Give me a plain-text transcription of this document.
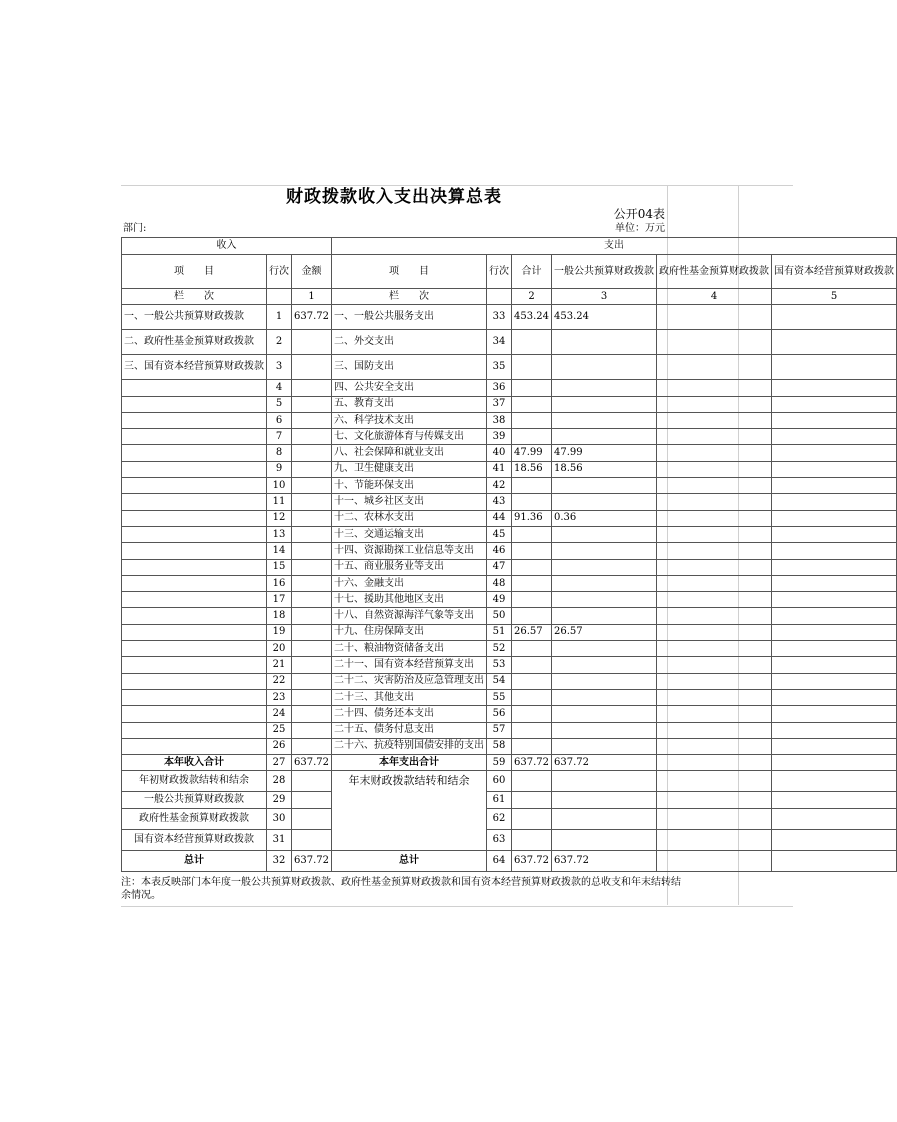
财政拨款收入支出决算总表
公开04表
部门:	单位：万元
收入			支出					
项　　目	行次	金额	项　　目	行次	合计	一般公共预算财政拨款	政府性基金预算财政拨款	国有资本经营预算财政拨款
栏　　次		1	栏　　次		2	3	4	5
一、一般公共预算财政拨款	1	637.72	一、一般公共服务支出	33	453.24	453.24		
二、政府性基金预算财政拨款	2		二、外交支出	34				
三、国有资本经营预算财政拨款	3		三、国防支出	35				
	4		四、公共安全支出	36				
	5		五、教育支出	37				
	6		六、科学技术支出	38				
	7		七、文化旅游体育与传媒支出	39				
	8		八、社会保障和就业支出	40	47.99	47.99		
	9		九、卫生健康支出	41	18.56	18.56		
	10		十、节能环保支出	42				
	11		十一、城乡社区支出	43				
	12		十二、农林水支出	44	91.36	0.36		
	13		十三、交通运输支出	45				
	14		十四、资源勘探工业信息等支出	46				
	15		十五、商业服务业等支出	47				
	16		十六、金融支出	48				
	17		十七、援助其他地区支出	49				
	18		十八、自然资源海洋气象等支出	50				
	19		十九、住房保障支出	51	26.57	26.57		
	20		二十、粮油物资储备支出	52				
	21		二十一、国有资本经营预算支出	53				
	22		二十二、灾害防治及应急管理支出	54				
	23		二十三、其他支出	55				
	24		二十四、债务还本支出	56				
	25		二十五、债务付息支出	57				
	26		二十六、抗疫特别国债安排的支出	58				
本年收入合计	27	637.72	本年支出合计	59	637.72	637.72		
年初财政拨款结转和结余	28		年末财政拨款结转和结余	60				
一般公共预算财政拨款	29			61				
政府性基金预算财政拨款	30			62				
国有资本经营预算财政拨款	31			63				
总计	32	637.72	总计	64	637.72	637.72		
注：本表反映部门本年度一般公共预算财政拨款、政府性基金预算财政拨款和国有资本经营预算财政拨款的总收支和年末结转结余情况。
